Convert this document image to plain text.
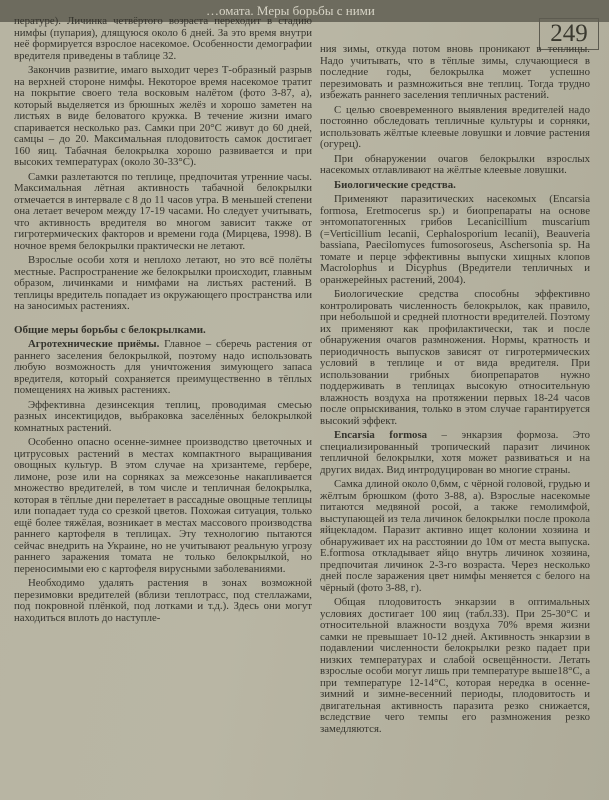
…омата. Меры борьбы с ними
249

пературе). Личинка четвёртого возраста переходит в стадию нимфы (пупария), длящуюся около 6 дней. За это время внутри неё формируется взрослое насекомое. Особенности демографии вредителя приведены в таблице 32.

Закончив развитие, имаго выходит через Т-образный разрыв на верхней стороне нимфы. Некоторое время насекомое тратит на покрытие своего тела восковым налётом (фото 3-87, а), который выделяется из брюшных желёз и хорошо заметен на листьях в виде беловатого кружка. В течение жизни имаго спаривается несколько раз. Самки при 20°С живут до 60 дней, самцы – до 20. Максимальная плодовитость самок достигает 160 яиц. Табачная белокрылка хорошо развивается и при высоких температурах (около 30-33°С).

Самки разлетаются по теплице, предпочитая утренние часы. Максимальная лётная активность табачной белокрылки отмечается в интервале с 8 до 11 часов утра. В меньшей степени она летает вечером между 17-19 часами. Но следует учитывать, что активность вредителя во многом зависит также от гигротермических факторов и времени года (Мирцева, 1998). В ночное время белокрылки практически не летают.

Взрослые особи хотя и неплохо летают, но это всё полёты местные. Распространение же белокрылки происходит, главным образом, личинками и нимфами на листьях растений. В теплицы вредитель попадает из окружающего пространства или на заносимых растениях.

Общие меры борьбы с белокрылками.

Агротехнические приёмы. Главное – сберечь растения от раннего заселения белокрылкой, поэтому надо использовать любую возможность для уничтожения зимующего запаса вредителя, который сохраняется преимущественно в тёплых помещениях на живых растениях.

Эффективна дезинсекция теплиц, проводимая смесью разных инсектицидов, выбраковка заселённых белокрылкой комнатных растений.

Особенно опасно осенне-зимнее производство цветочных и цитрусовых растений в местах компактного выращивания овощных культур. В этом случае на хризантеме, гербере, лимоне, розе или на сорняках за межсезонье накапливается множество вредителей, в том числе и тепличная белокрылка, которая в тёплые дни перелетает в рассадные овощные теплицы или попадает туда со срезкой цветов. Похожая ситуация, только ещё более тяжёлая, возникает в местах массового производства раннего картофеля в теплицах. Эту технологию пытаются сейчас внедрить на Украине, но не учитывают реальную угрозу раннего заражения томата не только белокрылкой, но переносимыми ею с картофеля вирусными заболеваниями.

Необходимо удалять растения в зонах возможной перезимовки вредителей (вблизи теплотрасс, под стеллажами, под покровной плёнкой, под лотками и т.д.). Здесь они могут находиться вплоть до наступле-

ния зимы, откуда потом вновь проникают в теплицы. Надо учитывать, что в тёплые зимы, случающиеся в последние годы, белокрылка может успешно перезимовать и размножиться вне теплиц. Тогда трудно избежать раннего заселения тепличных растений.

С целью своевременного выявления вредителей надо постоянно обследовать тепличные культуры и сорняки, использовать жёлтые клеевые ловушки и ловчие растения (огурец).

При обнаружении очагов белокрылки взрослых насекомых отлавливают на жёлтые клеевые ловушки.

Биологические средства.

Применяют паразитических насекомых (Encarsia formosa, Eretmocerus sp.) и биопрепараты на основе энтомопатогенных грибов Lecanicillium muscarium (=Verticillium lecanii, Cephalosporium lecanii), Beauveria bassiana, Paecilomyces fumosoroseus, Aschersonia sp. На томате и перце эффективны выпуски хищных клопов Macrolophus и Dicyphus (Вредители тепличных и оранжерейных растений, 2004).

Биологические средства способны эффективно контролировать численность белокрылок, как правило, при небольшой и средней плотности вредителей. Поэтому их применяют как профилактически, так и после обнаружения очагов размножения. Нормы, кратность и периодичность выпусков зависят от гигротермических условий в теплице и от вида вредителя. При использовании грибных биопрепаратов нужно поддерживать в теплицах высокую относительную влажность воздуха на протяжении первых 18-24 часов после опрыскивания, только в этом случае гарантируется высокий эффект.

Encarsia formosa – энкарзия формоза. Это специализированный тропический паразит личинок тепличной белокрылки, хотя может развиваться и на других видах. Вид интродуцирован во многие страны.

Самка длиной около 0,6мм, с чёрной головой, грудью и жёлтым брюшком (фото 3-88, а). Взрослые насекомые питаются медвяной росой, а также гемолимфой, выступающей из тела личинок белокрылки после прокола яйцекладом. Паразит активно ищет колонии хозяина и обнаруживает их на расстоянии до 10м от места выпуска. E.formosa откладывает яйцо внутрь личинок хозяина, предпочитая личинок 2-3-го возраста. Через несколько дней после заражения цвет нимфы меняется с белого на чёрный (фото 3-88, г).

Общая плодовитость энкарзии в оптимальных условиях достигает 100 яиц (табл.33). При 25-30°С и относительной влажности воздуха 70% время жизни самки не превышает 10-12 дней. Активность энкарзии в подавлении численности белокрылки резко падает при низких температурах и слабой освещённости. Летать взрослые особи могут лишь при температуре выше18°С, а при температуре 12-14°С, которая нередка в осенне-зимний и зимне-весенний периоды, плодовитость и двигательная активность паразита резко снижается, вследствие чего темпы его размножения резко замедляются.
